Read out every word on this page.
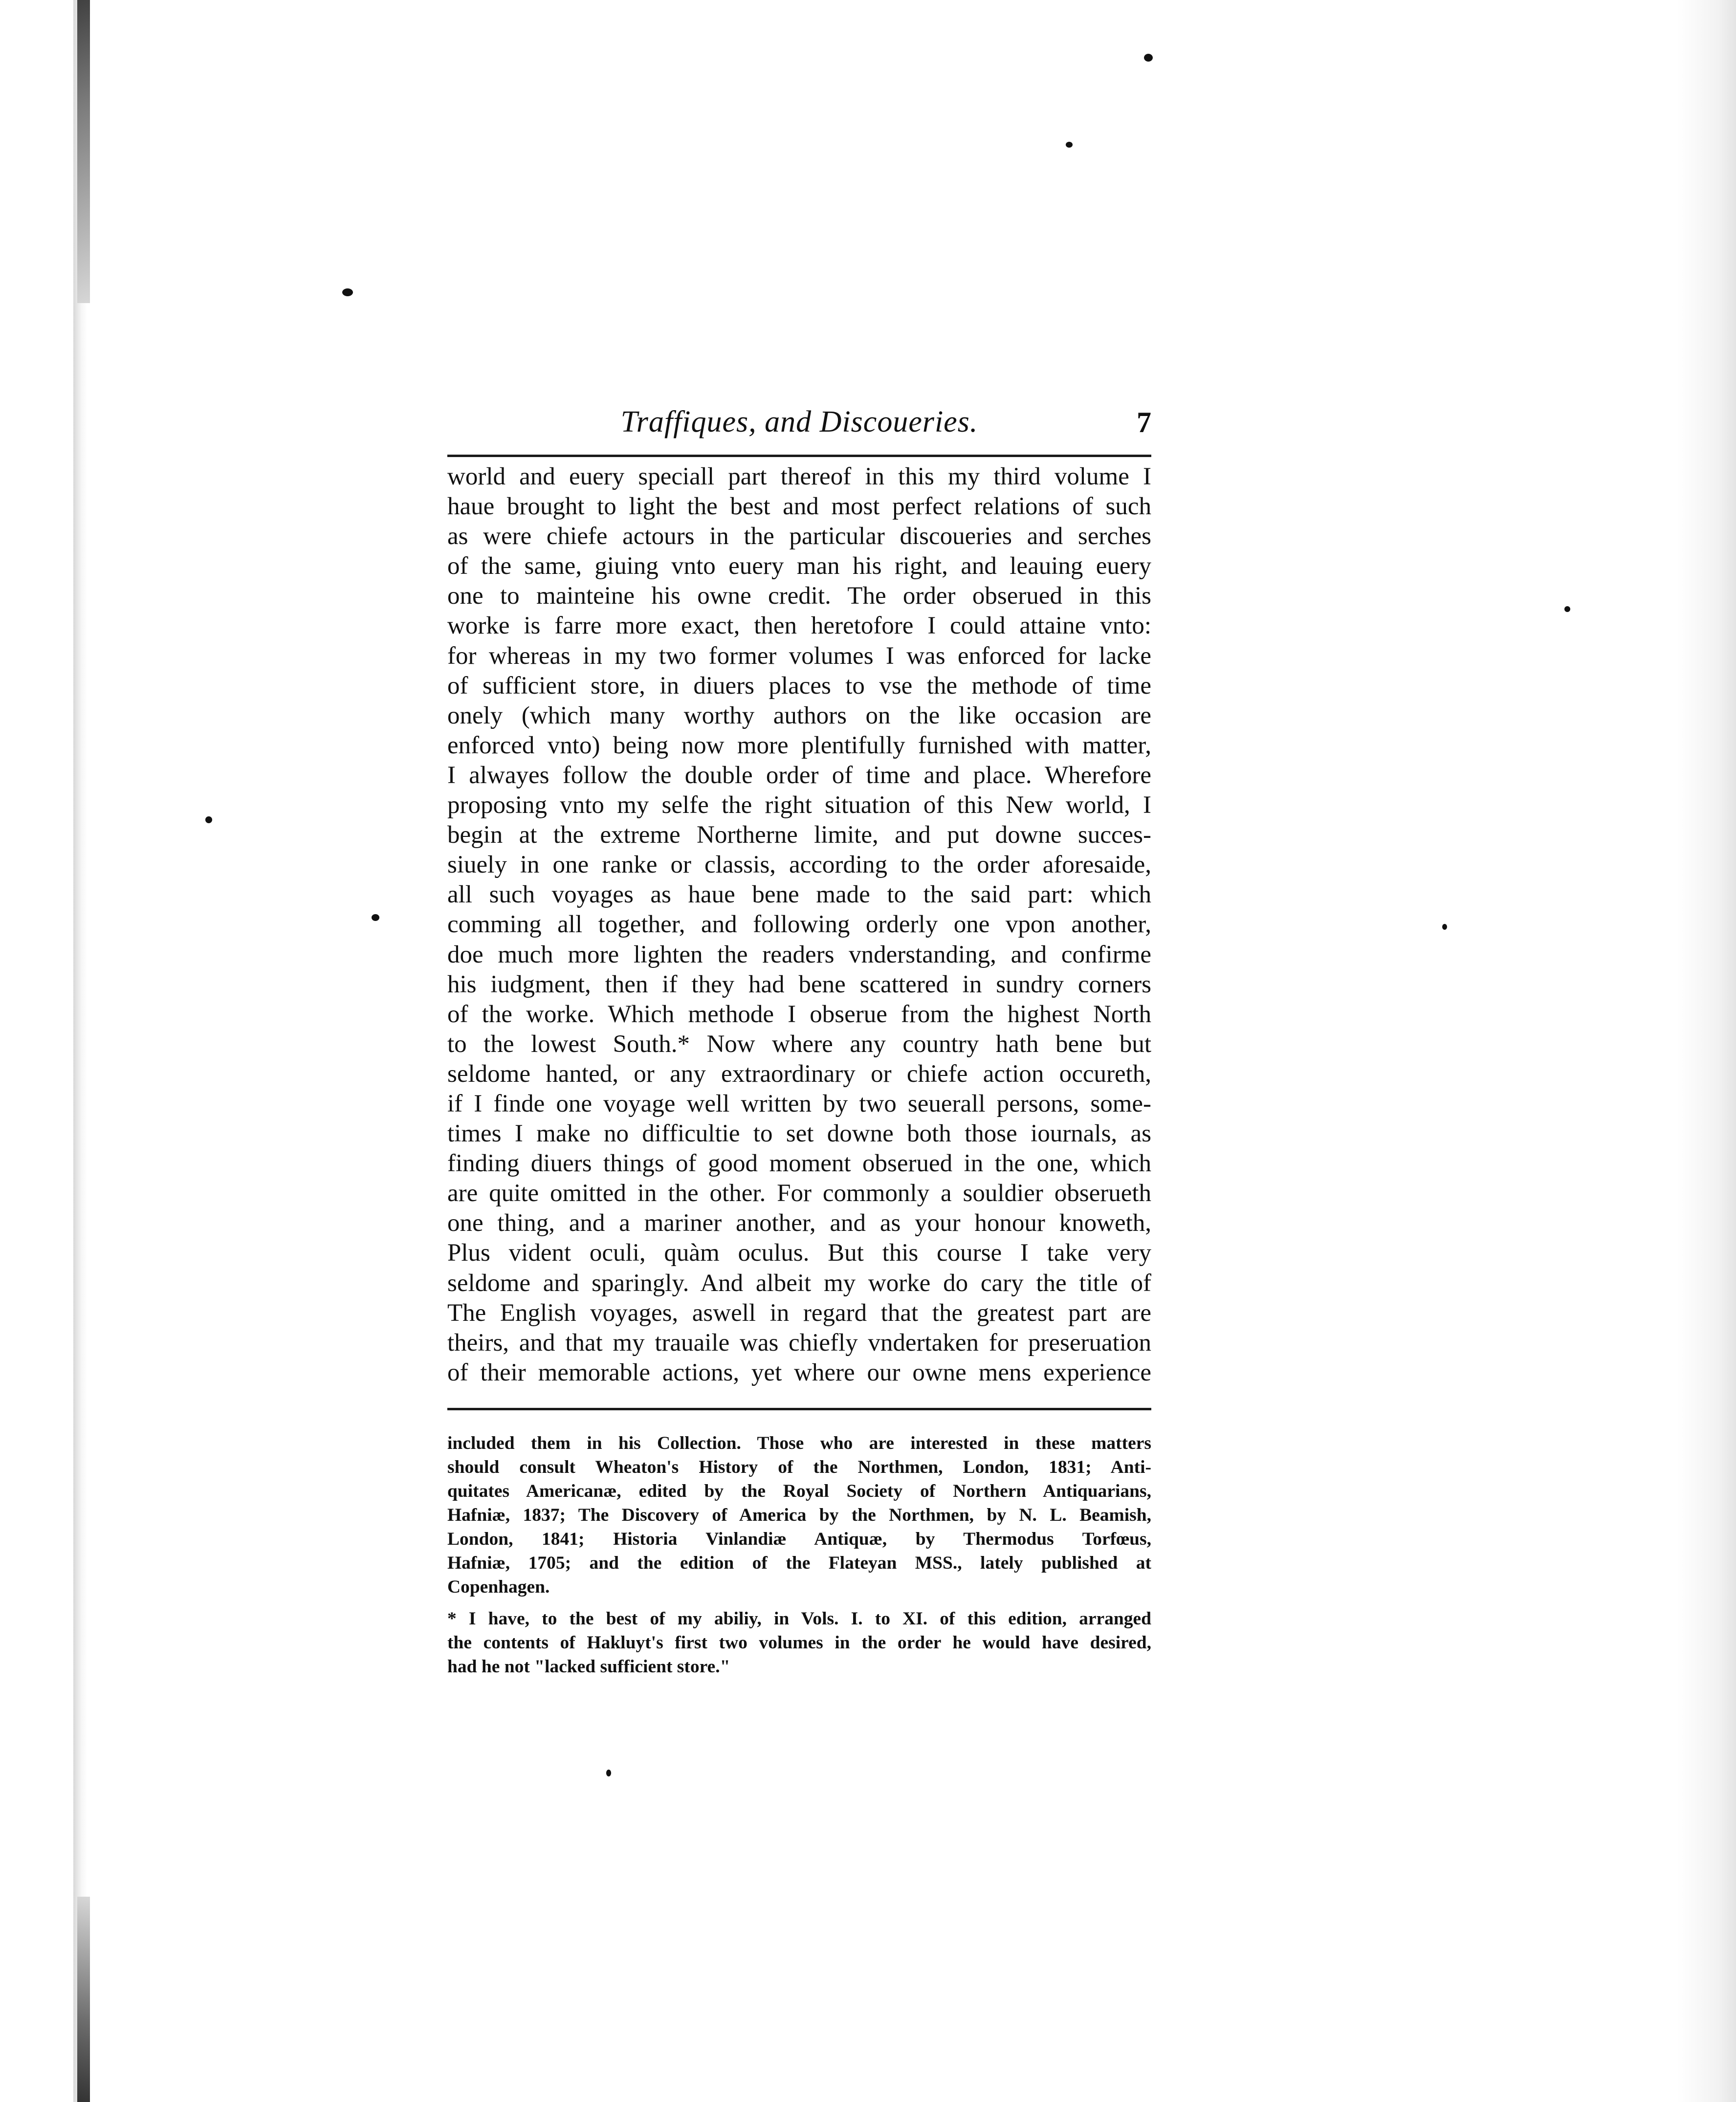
Traffiques, and Discoueries.	7
world and euery speciall part thereof in this my third volume I
haue brought to light the best and most perfect relations of such
as were chiefe actours in the particular discoueries and serches
of the same, giuing vnto euery man his right, and leauing euery
one to mainteine his owne credit. The order obserued in this
worke is farre more exact, then heretofore I could attaine vnto:
for whereas in my two former volumes I was enforced for lacke
of sufficient store, in diuers places to vse the methode of time
onely (which many worthy authors on the like occasion are
enforced vnto) being now more plentifully furnished with matter,
I alwayes follow the double order of time and place. Wherefore
proposing vnto my selfe the right situation of this New world, I
begin at the extreme Northerne limite, and put downe succes-
siuely in one ranke or classis, according to the order aforesaide,
all such voyages as haue bene made to the said part: which
comming all together, and following orderly one vpon another,
doe much more lighten the readers vnderstanding, and confirme
his iudgment, then if they had bene scattered in sundry corners
of the worke. Which methode I obserue from the highest North
to the lowest South.* Now where any country hath bene but
seldome hanted, or any extraordinary or chiefe action occureth,
if I finde one voyage well written by two seuerall persons, some-
times I make no difficultie to set downe both those iournals, as
finding diuers things of good moment obserued in the one, which
are quite omitted in the other. For commonly a souldier obserueth
one thing, and a mariner another, and as your honour knoweth,
Plus vident oculi, quàm oculus. But this course I take very
seldome and sparingly. And albeit my worke do cary the title of
The English voyages, aswell in regard that the greatest part are
theirs, and that my trauaile was chiefly vndertaken for preseruation
of their memorable actions, yet where our owne mens experience
included them in his Collection. Those who are interested in these matters
should consult Wheaton's History of the Northmen, London, 1831; Anti-
quitates Americanæ, edited by the Royal Society of Northern Antiquarians,
Hafniæ, 1837; The Discovery of America by the Northmen, by N. L. Beamish,
London, 1841; Historia Vinlandiæ Antiquæ, by Thermodus Torfœus,
Hafniæ, 1705; and the edition of the Flateyan MSS., lately published at
Copenhagen.
* I have, to the best of my abiliy, in Vols. I. to XI. of this edition, arranged
the contents of Hakluyt's first two volumes in the order he would have desired,
had he not "lacked sufficient store."
